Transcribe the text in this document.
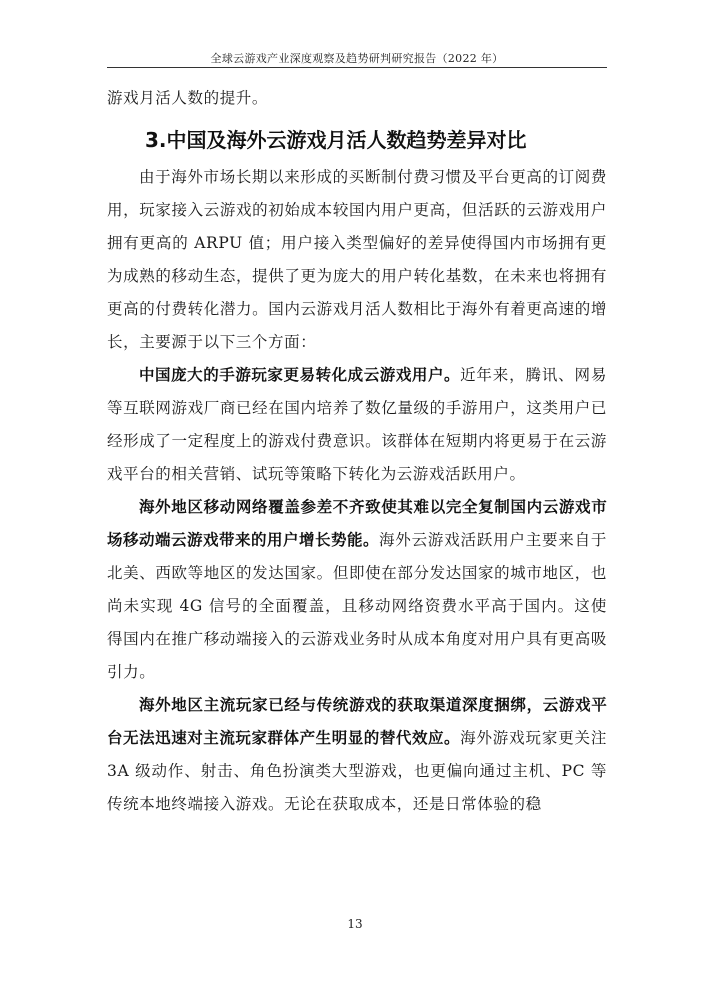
全球云游戏产业深度观察及趋势研判研究报告（2022 年）

游戏月活人数的提升。

3.中国及海外云游戏月活人数趋势差异对比

由于海外市场长期以来形成的买断制付费习惯及平台更高的订阅费用，玩家接入云游戏的初始成本较国内用户更高，但活跃的云游戏用户拥有更高的 ARPU 值；用户接入类型偏好的差异使得国内市场拥有更为成熟的移动生态，提供了更为庞大的用户转化基数，在未来也将拥有更高的付费转化潜力。国内云游戏月活人数相比于海外有着更高速的增长，主要源于以下三个方面：

中国庞大的手游玩家更易转化成云游戏用户。近年来，腾讯、网易等互联网游戏厂商已经在国内培养了数亿量级的手游用户，这类用户已经形成了一定程度上的游戏付费意识。该群体在短期内将更易于在云游戏平台的相关营销、试玩等策略下转化为云游戏活跃用户。

海外地区移动网络覆盖参差不齐致使其难以完全复制国内云游戏市场移动端云游戏带来的用户增长势能。海外云游戏活跃用户主要来自于北美、西欧等地区的发达国家。但即使在部分发达国家的城市地区，也尚未实现 4G 信号的全面覆盖，且移动网络资费水平高于国内。这使得国内在推广移动端接入的云游戏业务时从成本角度对用户具有更高吸引力。

海外地区主流玩家已经与传统游戏的获取渠道深度捆绑，云游戏平台无法迅速对主流玩家群体产生明显的替代效应。海外游戏玩家更关注 3A 级动作、射击、角色扮演类大型游戏，也更偏向通过主机、PC 等传统本地终端接入游戏。无论在获取成本，还是日常体验的稳

13
